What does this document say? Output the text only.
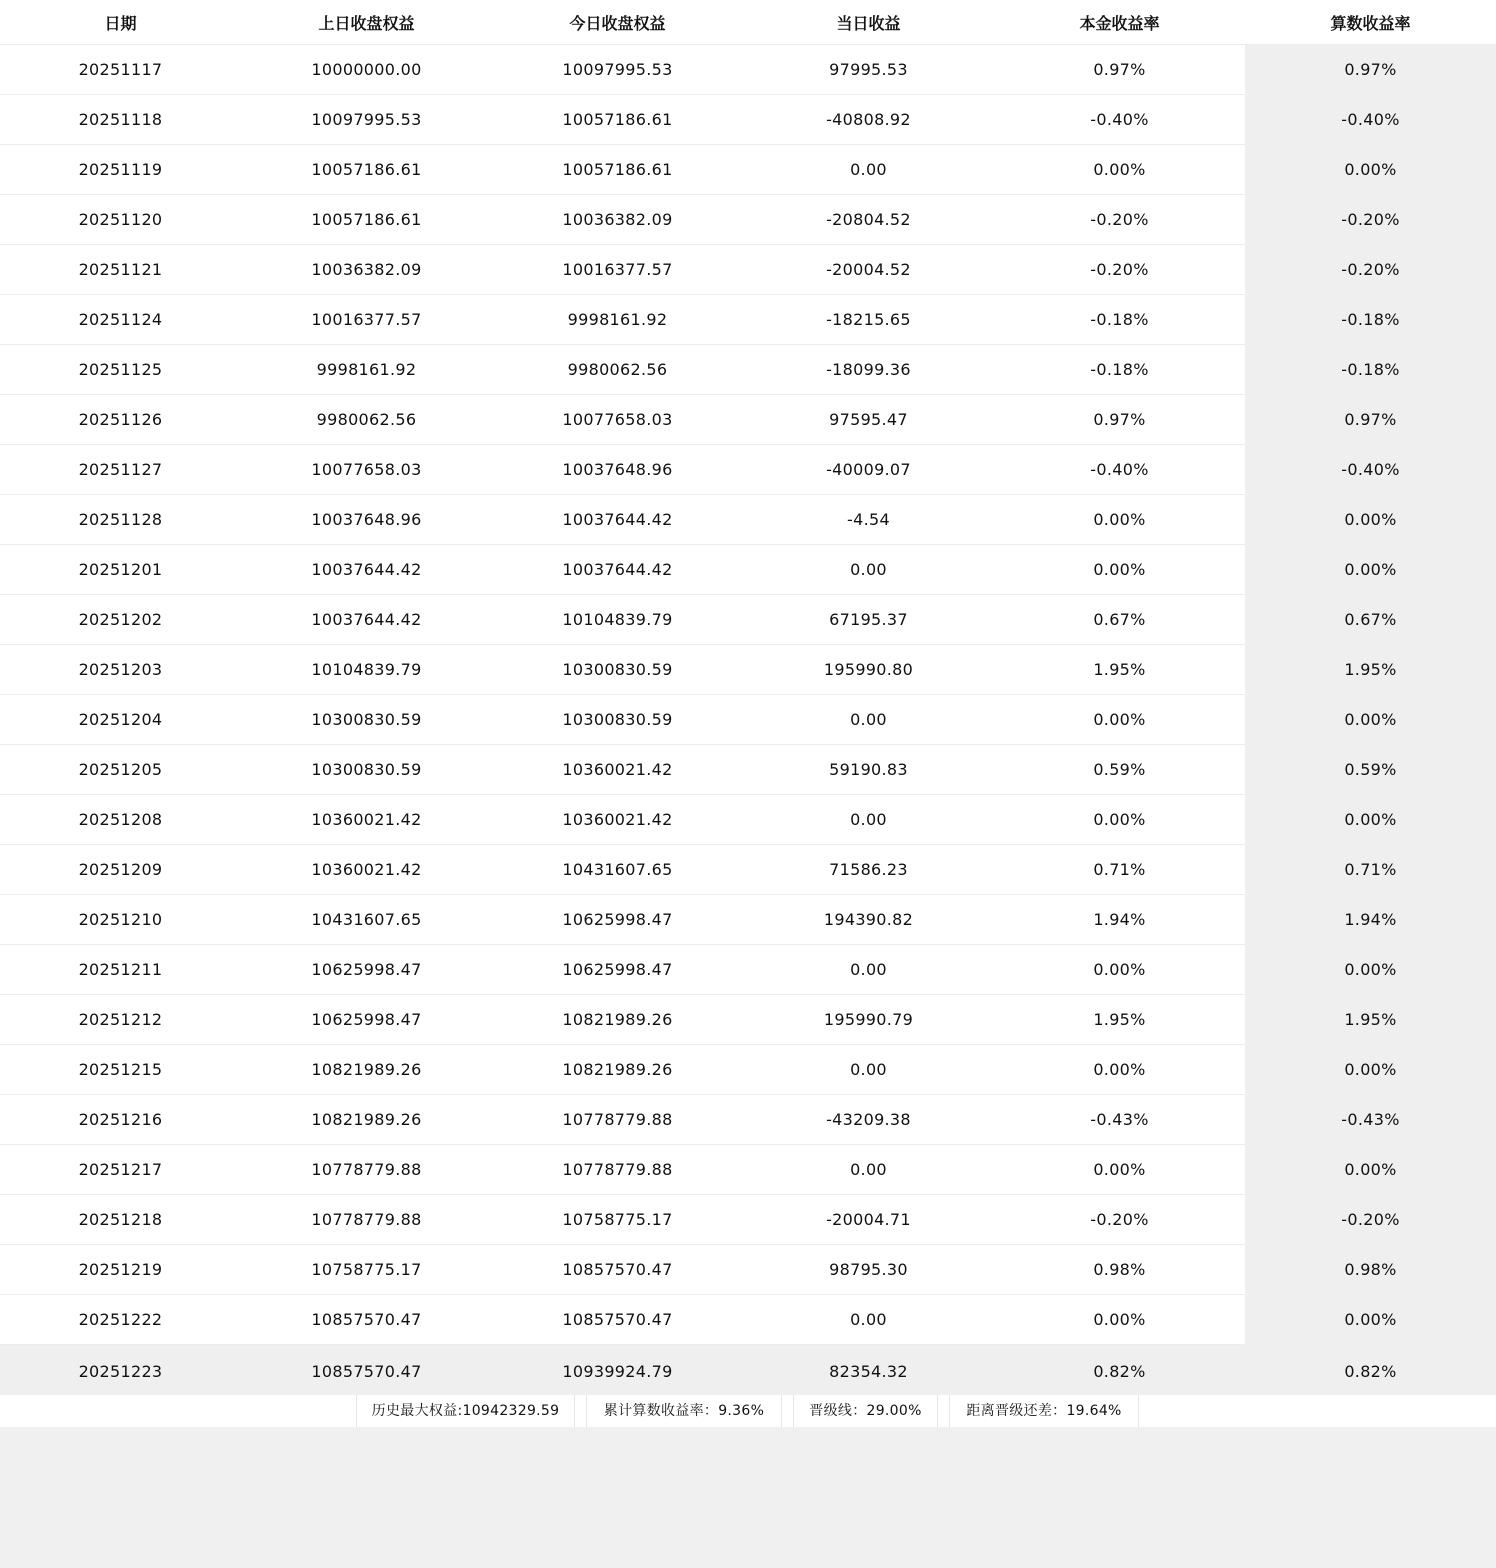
日期	上日收盘权益	今日收盘权益	当日收益	本金收益率	算数收益率
20251117	10000000.00	10097995.53	97995.53	0.97%	0.97%
20251118	10097995.53	10057186.61	-40808.92	-0.40%	-0.40%
20251119	10057186.61	10057186.61	0.00	0.00%	0.00%
20251120	10057186.61	10036382.09	-20804.52	-0.20%	-0.20%
20251121	10036382.09	10016377.57	-20004.52	-0.20%	-0.20%
20251124	10016377.57	9998161.92	-18215.65	-0.18%	-0.18%
20251125	9998161.92	9980062.56	-18099.36	-0.18%	-0.18%
20251126	9980062.56	10077658.03	97595.47	0.97%	0.97%
20251127	10077658.03	10037648.96	-40009.07	-0.40%	-0.40%
20251128	10037648.96	10037644.42	-4.54	0.00%	0.00%
20251201	10037644.42	10037644.42	0.00	0.00%	0.00%
20251202	10037644.42	10104839.79	67195.37	0.67%	0.67%
20251203	10104839.79	10300830.59	195990.80	1.95%	1.95%
20251204	10300830.59	10300830.59	0.00	0.00%	0.00%
20251205	10300830.59	10360021.42	59190.83	0.59%	0.59%
20251208	10360021.42	10360021.42	0.00	0.00%	0.00%
20251209	10360021.42	10431607.65	71586.23	0.71%	0.71%
20251210	10431607.65	10625998.47	194390.82	1.94%	1.94%
20251211	10625998.47	10625998.47	0.00	0.00%	0.00%
20251212	10625998.47	10821989.26	195990.79	1.95%	1.95%
20251215	10821989.26	10821989.26	0.00	0.00%	0.00%
20251216	10821989.26	10778779.88	-43209.38	-0.43%	-0.43%
20251217	10778779.88	10778779.88	0.00	0.00%	0.00%
20251218	10778779.88	10758775.17	-20004.71	-0.20%	-0.20%
20251219	10758775.17	10857570.47	98795.30	0.98%	0.98%
20251222	10857570.47	10857570.47	0.00	0.00%	0.00%
20251223	10857570.47	10939924.79	82354.32	0.82%	0.82%
历史最大权益:10942329.59	累计算数收益率：9.36%	晋级线：29.00%	距离晋级还差：19.64%
